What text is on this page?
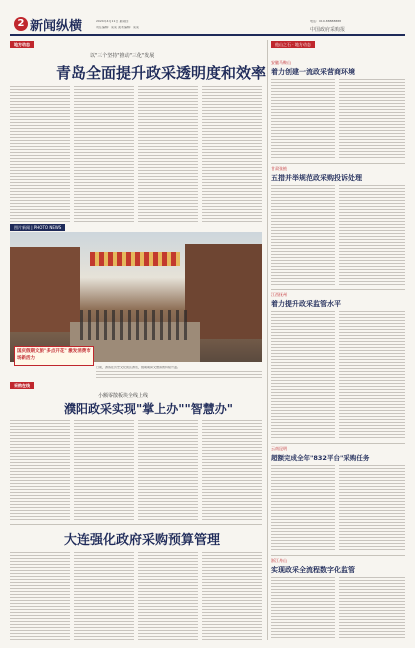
2 新闻纵横	2024年4月11日 星期四
责任编辑：某某 美术编辑：某某	中国政府采购报
电话：010-88888888
地方动态
以"三个坚持"推动"三化"发展
青岛全面提升政采透明度和效率
图片新闻 | PHOTO NEWS
国庆假期文旅"多点开花" 激发消费市场新活力
日前，游客在历史文化街区游览，假期期间文旅消费持续升温。
采购在线
小额零散板块全线上线
濮阳政采实现"掌上办""智慧办"
大连强化政府采购预算管理
他山之石 · 地方动态
安徽马鞍山
着力创建一流政采营商环境
甘肃张掖
五措并举规范政采购投诉处理
江西抚州
着力提升政采监管水平
云南昆明
超额完成全年"832平台"采购任务
浙江舟山
实现政采全流程数字化监管
